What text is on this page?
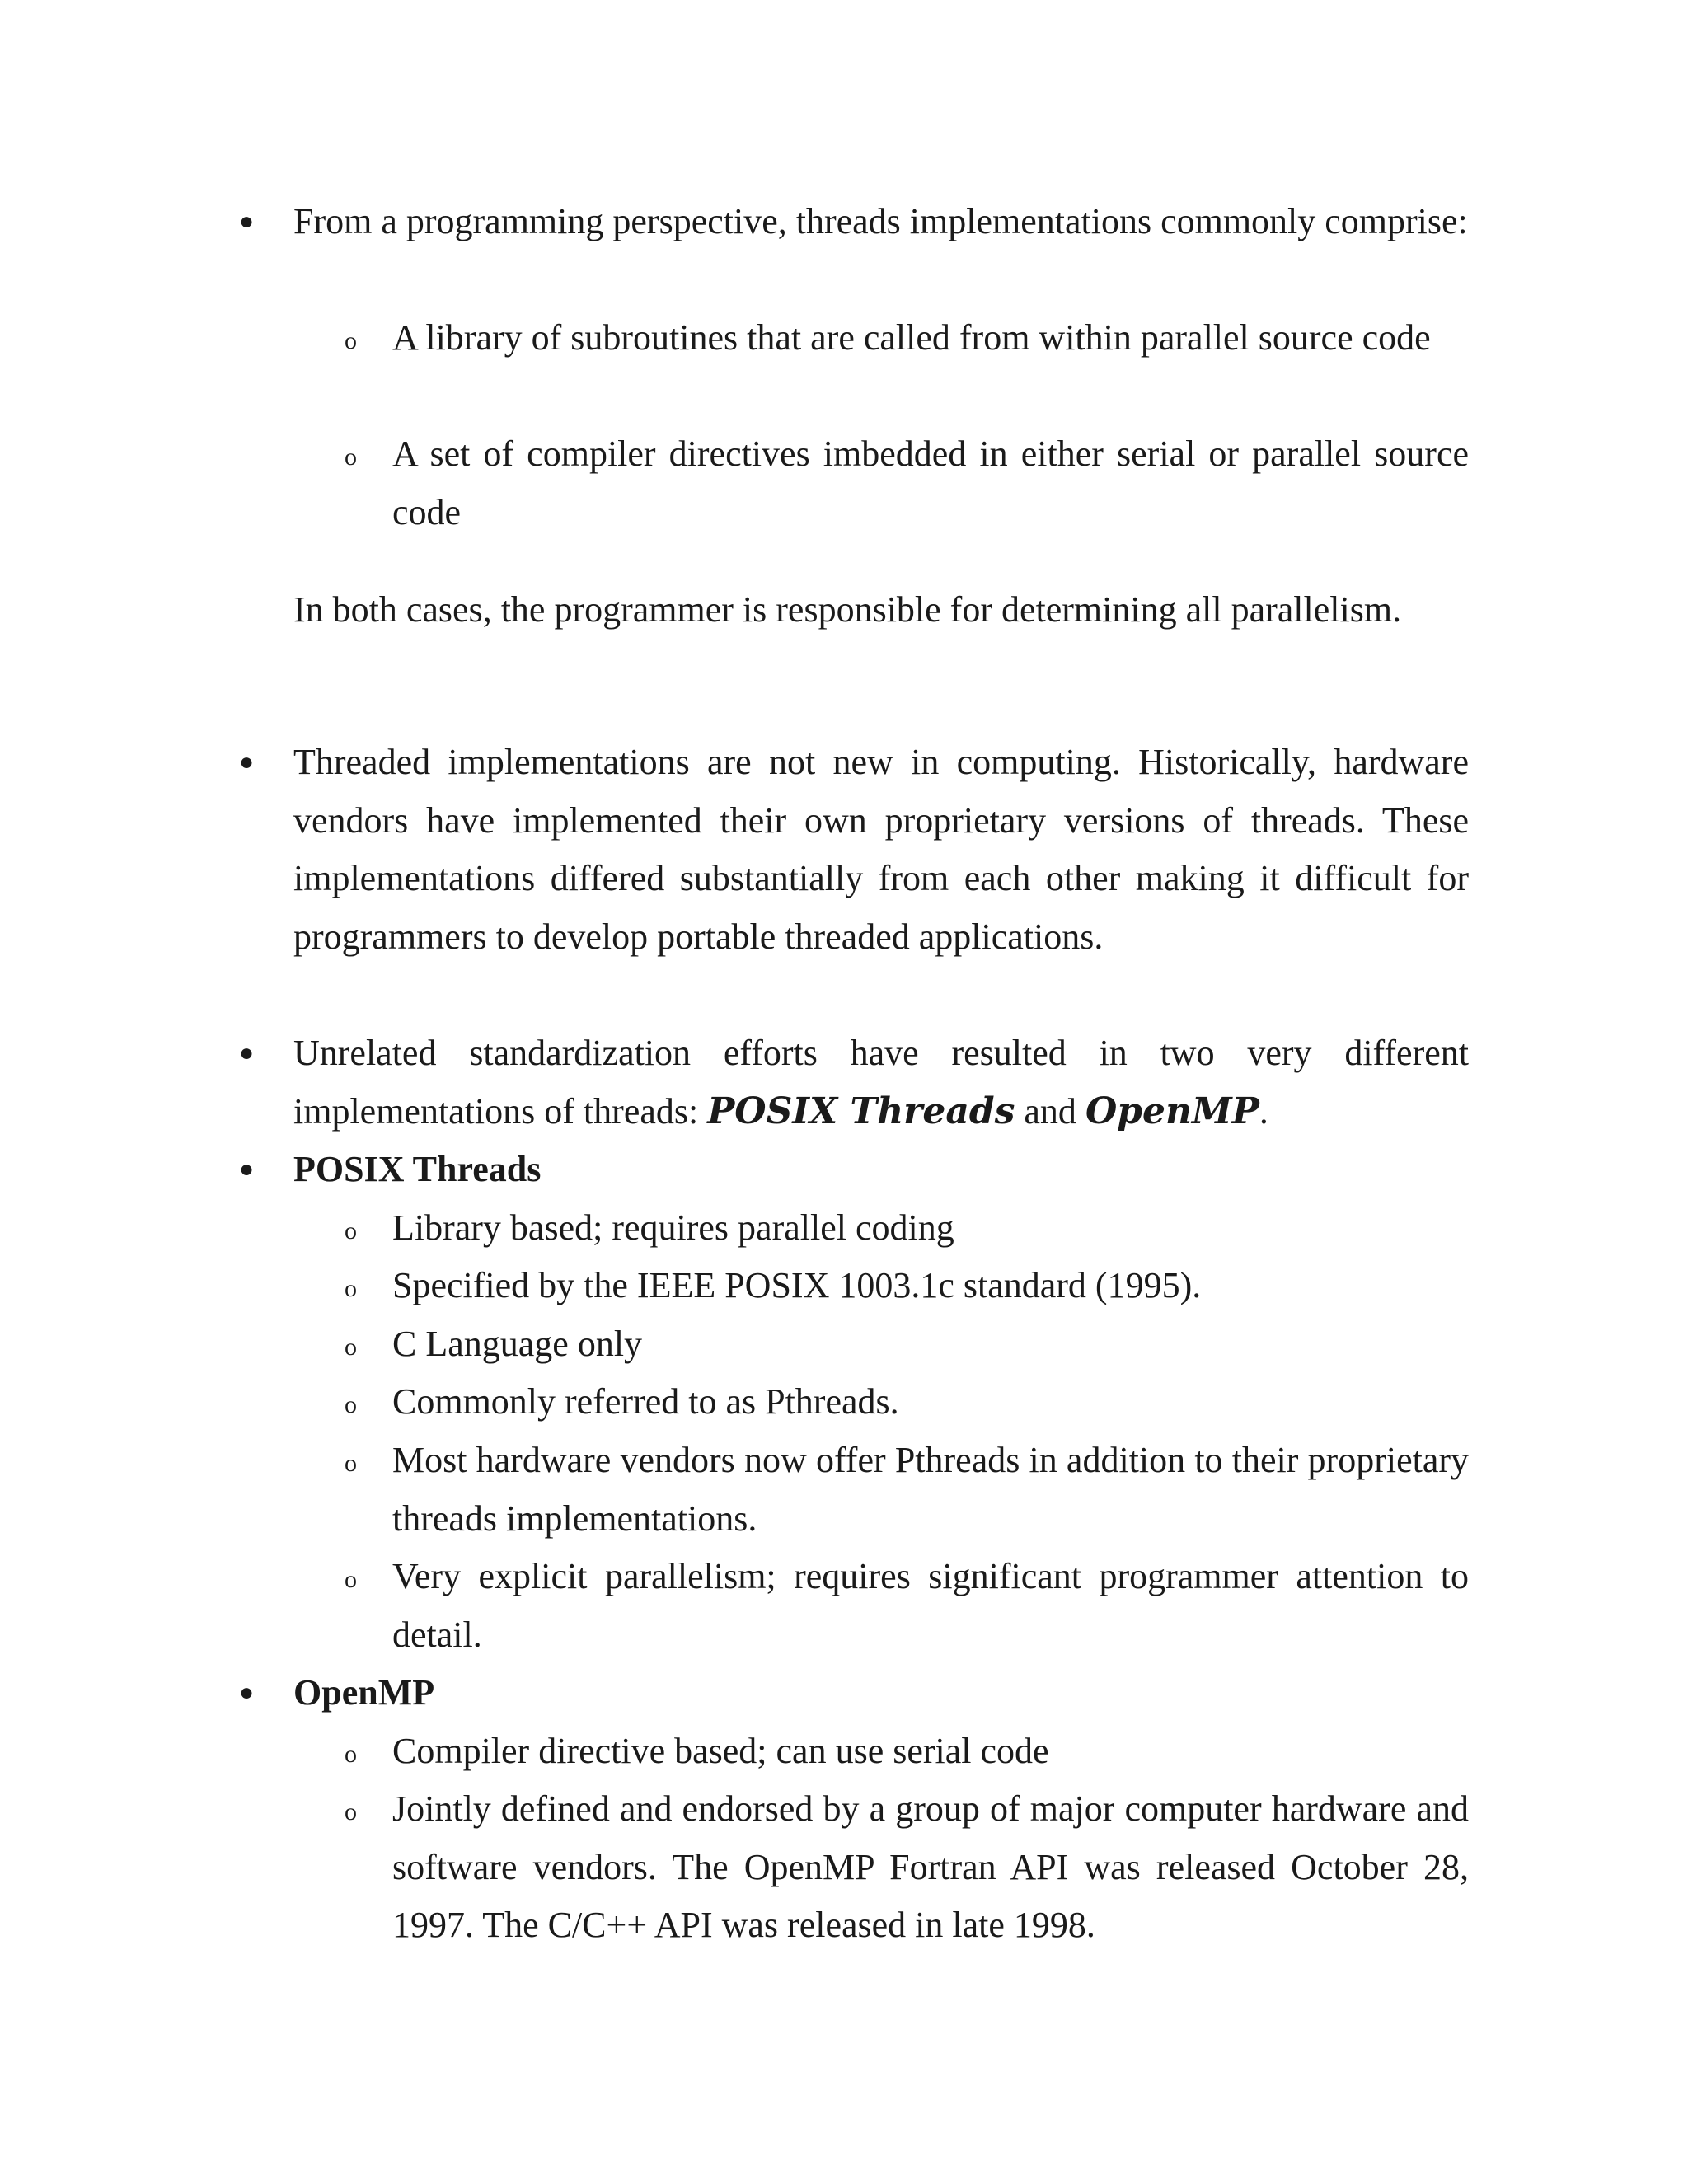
● From a programming perspective, threads implementations commonly comprise:
o A library of subroutines that are called from within parallel source code
o A set of compiler directives imbedded in either serial or parallel source code
In both cases, the programmer is responsible for determining all parallelism.
● Threaded implementations are not new in computing. Historically, hardware vendors have implemented their own proprietary versions of threads. These implementations differed substantially from each other making it difficult for programmers to develop portable threaded applications.
● Unrelated standardization efforts have resulted in two very different implementations of threads: POSIX Threads and OpenMP.
● POSIX Threads
o Library based; requires parallel coding
o Specified by the IEEE POSIX 1003.1c standard (1995).
o C Language only
o Commonly referred to as Pthreads.
o Most hardware vendors now offer Pthreads in addition to their proprietary threads implementations.
o Very explicit parallelism; requires significant programmer attention to detail.
● OpenMP
o Compiler directive based; can use serial code
o Jointly defined and endorsed by a group of major computer hardware and software vendors. The OpenMP Fortran API was released October 28, 1997. The C/C++ API was released in late 1998.
